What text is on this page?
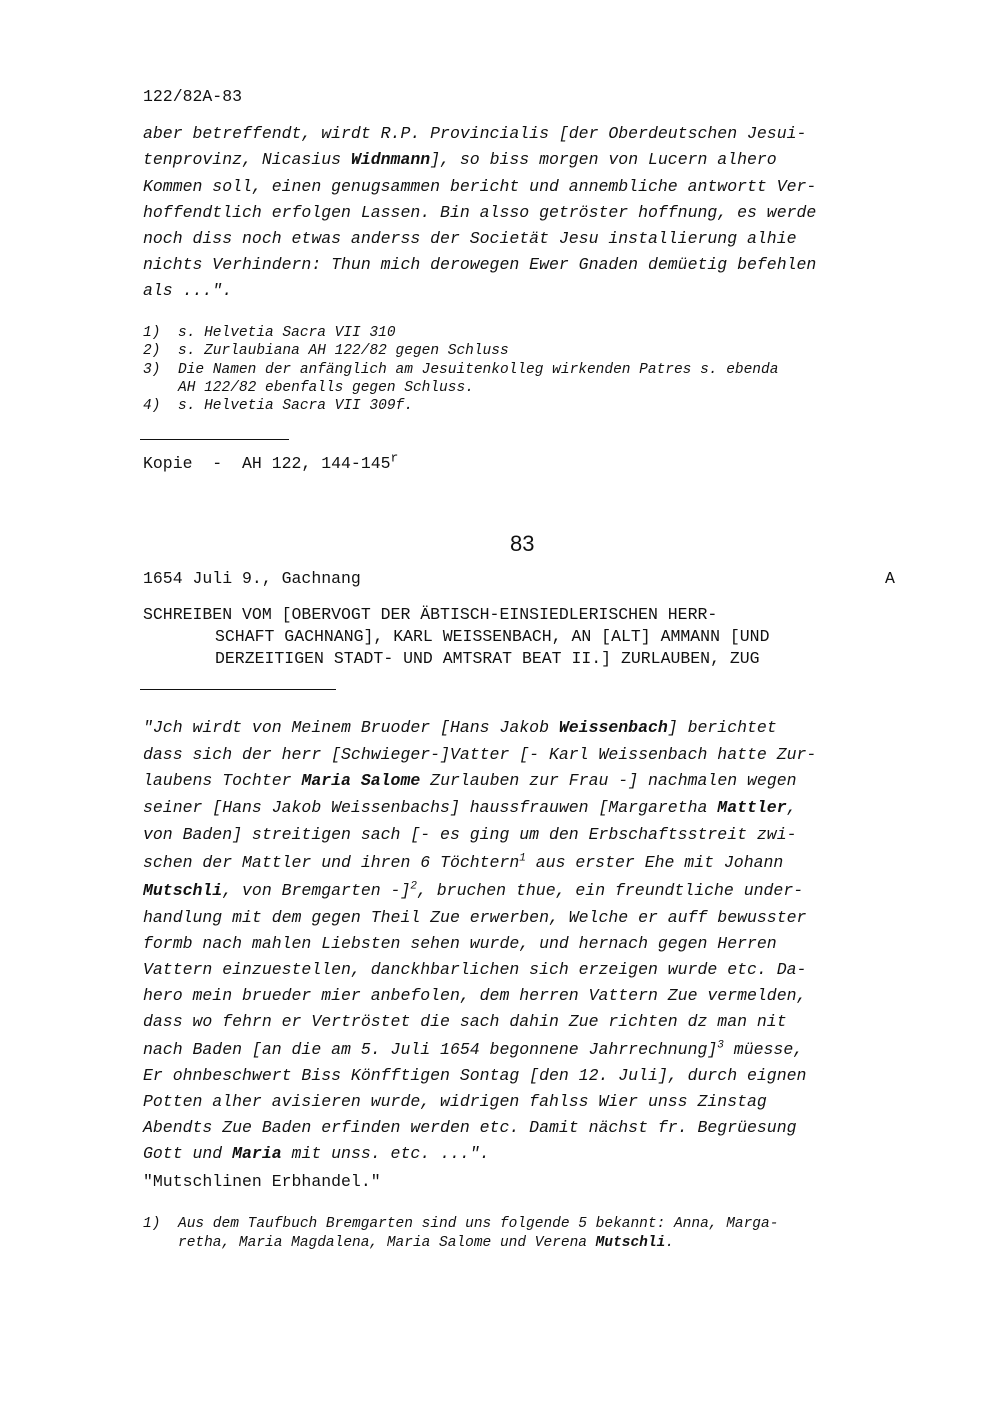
122/82A-83
aber betreffendt, wirdt R.P. Provincialis [der Oberdeutschen Jesui-
tenprovinz, Nicasius Widnmann], so biss morgen von Lucern alhero
Kommen soll, einen genugsammen bericht und annembliche antwortt Ver-
hoffendtlich erfolgen Lassen. Bin alsso getröster hoffnung, es werde
noch diss noch etwas anderss der Societät Jesu installierung alhie
nichts Verhindern: Thun mich derowegen Ewer Gnaden demüetig befehlen
als ...".
1) s. Helvetia Sacra VII 310
2) s. Zurlaubiana AH 122/82 gegen Schluss
3) Die Namen der anfänglich am Jesuitenkolleg wirkenden Patres s. ebenda
AH 122/82 ebenfalls gegen Schluss.
4) s. Helvetia Sacra VII 309f.
Kopie  -  AH 122, 144-145$^r$
83
1654 Juli 9., Gachnang	A
SCHREIBEN VOM [OBERVOGT DER ÄBTISCH-EINSIEDLERISCHEN HERR-
SCHAFT GACHNANG], KARL WEISSENBACH, AN [ALT] AMMANN [UND
DERZEITIGEN STADT- UND AMTSRAT BEAT II.] ZURLAUBEN, ZUG
"Jch wirdt von Meinem Bruoder [Hans Jakob Weissenbach] berichtet
dass sich der herr [Schwieger-]Vatter [- Karl Weissenbach hatte Zur-
laubens Tochter Maria Salome Zurlauben zur Frau -] nachmalen wegen
seiner [Hans Jakob Weissenbachs] haussfrauwen [Margaretha Mattler,
von Baden] streitigen sach [- es ging um den Erbschaftsstreit zwi-
schen der Mattler und ihren 6 Töchtern$^1$ aus erster Ehe mit Johann
Mutschli, von Bremgarten -]$^2$, bruchen thue, ein freundtliche under-
handlung mit dem gegen Theil Zue erwerben, Welche er auff bewusster
formb nach mahlen Liebsten sehen wurde, und hernach gegen Herren
Vattern einzuestellen, danckhbarlichen sich erzeigen wurde etc. Da-
hero mein brueder mier anbefolen, dem herren Vattern Zue vermelden,
dass wo fehrn er Vertröstet die sach dahin Zue richten dz man nit
nach Baden [an die am 5. Juli 1654 begonnene Jahrrechnung]$^3$ müesse,
Er ohnbeschwert Biss Könfftigen Sontag [den 12. Juli], durch eignen
Potten alher avisieren wurde, widrigen fahlss Wier unss Zinstag
Abendts Zue Baden erfinden werden etc. Damit nächst fr. Begrüesung
Gott und Maria mit unss. etc. ...".
"Mutschlinen Erbhandel."
1) Aus dem Taufbuch Bremgarten sind uns folgende 5 bekannt: Anna, Marga-
retha, Maria Magdalena, Maria Salome und Verena Mutschli.
